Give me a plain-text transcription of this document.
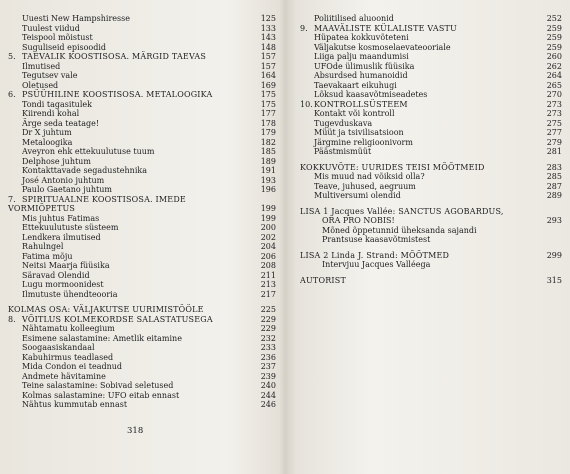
Uuesti New Hampshiresse	125
Tuulest viidud	133
Teispool mõistust	143
Suguliseid episoodid	148
5. TAEVALIK KOOSTISOSA. MÄRGID TAEVAS	157
Ilmutised	157
Tegutsev vale	164
Oletused	169
6. PSÜÜHILINE KOOSTISOSA. METALOOGIKA	175
Tondi tagasitulek	175
Kiirendi kohal	177
Ärge seda teatage!	178
Dr X juhtum	179
Metaloogika	182
Aveyron ehk ettekuulutuse tuum	185
Delphose juhtum	189
Kontakttavade segadustehnika	191
José Antonio juhtum	193
Paulo Gaetano juhtum	196
7. SPIRITUAALNE KOOSTISOSA. IMEDE
VORMIÕPETUS	199
Mis juhtus Fatimas	199
Ettekuulutuste süsteem	200
Lendkera ilmutised	202
Rahulngel	204
Fatima mõju	206
Neitsi Maarja füüsika	208
Säravad Olendid	211
Lugu mormoonidest	213
Ilmutuste ühendteooria	217
KOLMAS OSA: VÄLJAKUTSE UURIMISTÖÖLE	225
8. VÕITLUS KOLMEKORDSE SALASTATUSEGA	229
Nähtamatu kolleegium	229
Esimene salastamine: Ametlik eitamine	232
Soogaasiskandaal	233
Kabuhirmus teadlased	236
Mida Condon ei teadnud	237
Andmete hävitamine	239
Teine salastamine: Sobivad seletused	240
Kolmas salastamine: UFO eitab ennast	244
Nähtus kummutab ennast	246
318
Poliitilised aluoonid	252
9. MAAVÄLISTE KÜLALISTE VASTU	259
Hüpatea kokkuvõteteni	259
Väljakutse kosmoselaevateooriale	259
Liiga palju maandumisi	260
UFOde ülimuslik füüsika	262
Absurdsed humanoidid	264
Taevakaart eikuhugi	265
Lõksud kaasavõtmiseadetes	270
10. KONTROLLSÜSTEEM	273
Kontakt või kontroll	273
Tugevduskava	275
Müüt ja tsivilisatsioon	277
Järgmine religioonivorm	279
Päästmismüüt	281
KOKKUVÕTE: UURIDES TEISI MÕÕTMEID	283
Mis muud nad võiksid olla?	285
Teave, juhused, aegruum	287
Multiversumi olendid	289
LISA 1 Jacques Vallée: SANCTUS AGOBARDUS,
ORA PRO NOBIS!	293
Mõned õppetunnid üheksanda sajandi
Prantsuse kaasavõtmistest
LISA 2 Linda J. Strand: MÕÕTMED	299
Intervjuu Jacques Valléega
AUTORIST	315
